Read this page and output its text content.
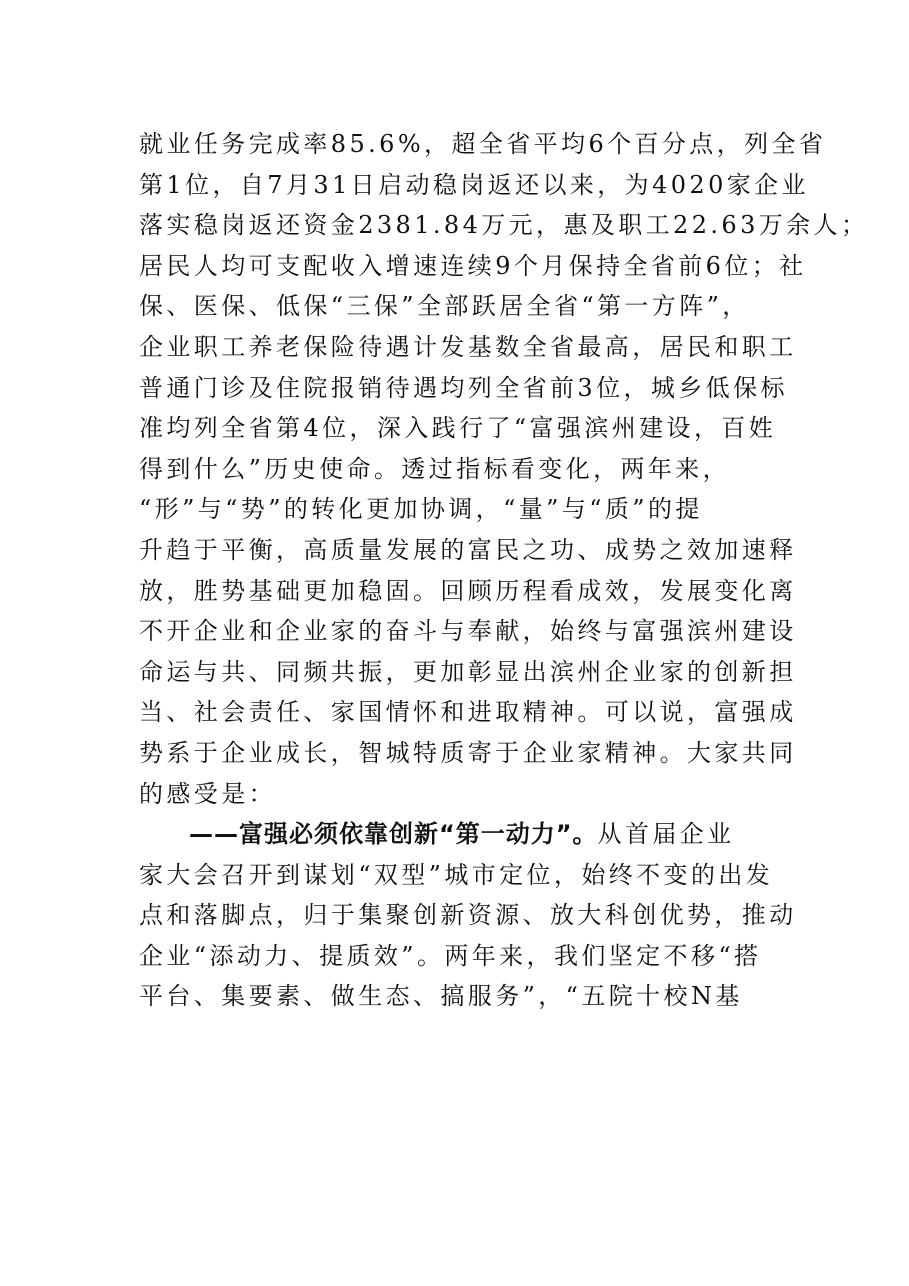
就业任务完成率85.6%，超全省平均6个百分点，列全省
第1位，自7月31日启动稳岗返还以来，为4020家企业
落实稳岗返还资金2381.84万元，惠及职工22.63万余人；
居民人均可支配收入增速连续9个月保持全省前6位；社
保、医保、低保“三保”全部跃居全省“第一方阵”，
企业职工养老保险待遇计发基数全省最高，居民和职工
普通门诊及住院报销待遇均列全省前3位，城乡低保标
准均列全省第4位，深入践行了“富强滨州建设，百姓
得到什么”历史使命。透过指标看变化，两年来，
“形”与“势”的转化更加协调，“量”与“质”的提
升趋于平衡，高质量发展的富民之功、成势之效加速释
放，胜势基础更加稳固。回顾历程看成效，发展变化离
不开企业和企业家的奋斗与奉献，始终与富强滨州建设
命运与共、同频共振，更加彰显出滨州企业家的创新担
当、社会责任、家国情怀和进取精神。可以说，富强成
势系于企业成长，智城特质寄于企业家精神。大家共同
的感受是：
——富强必须依靠创新“第一动力”。从首届企业
家大会召开到谋划“双型”城市定位，始终不变的出发
点和落脚点，归于集聚创新资源、放大科创优势，推动
企业“添动力、提质效”。两年来，我们坚定不移“搭
平台、集要素、做生态、搞服务”，“五院十校N基
